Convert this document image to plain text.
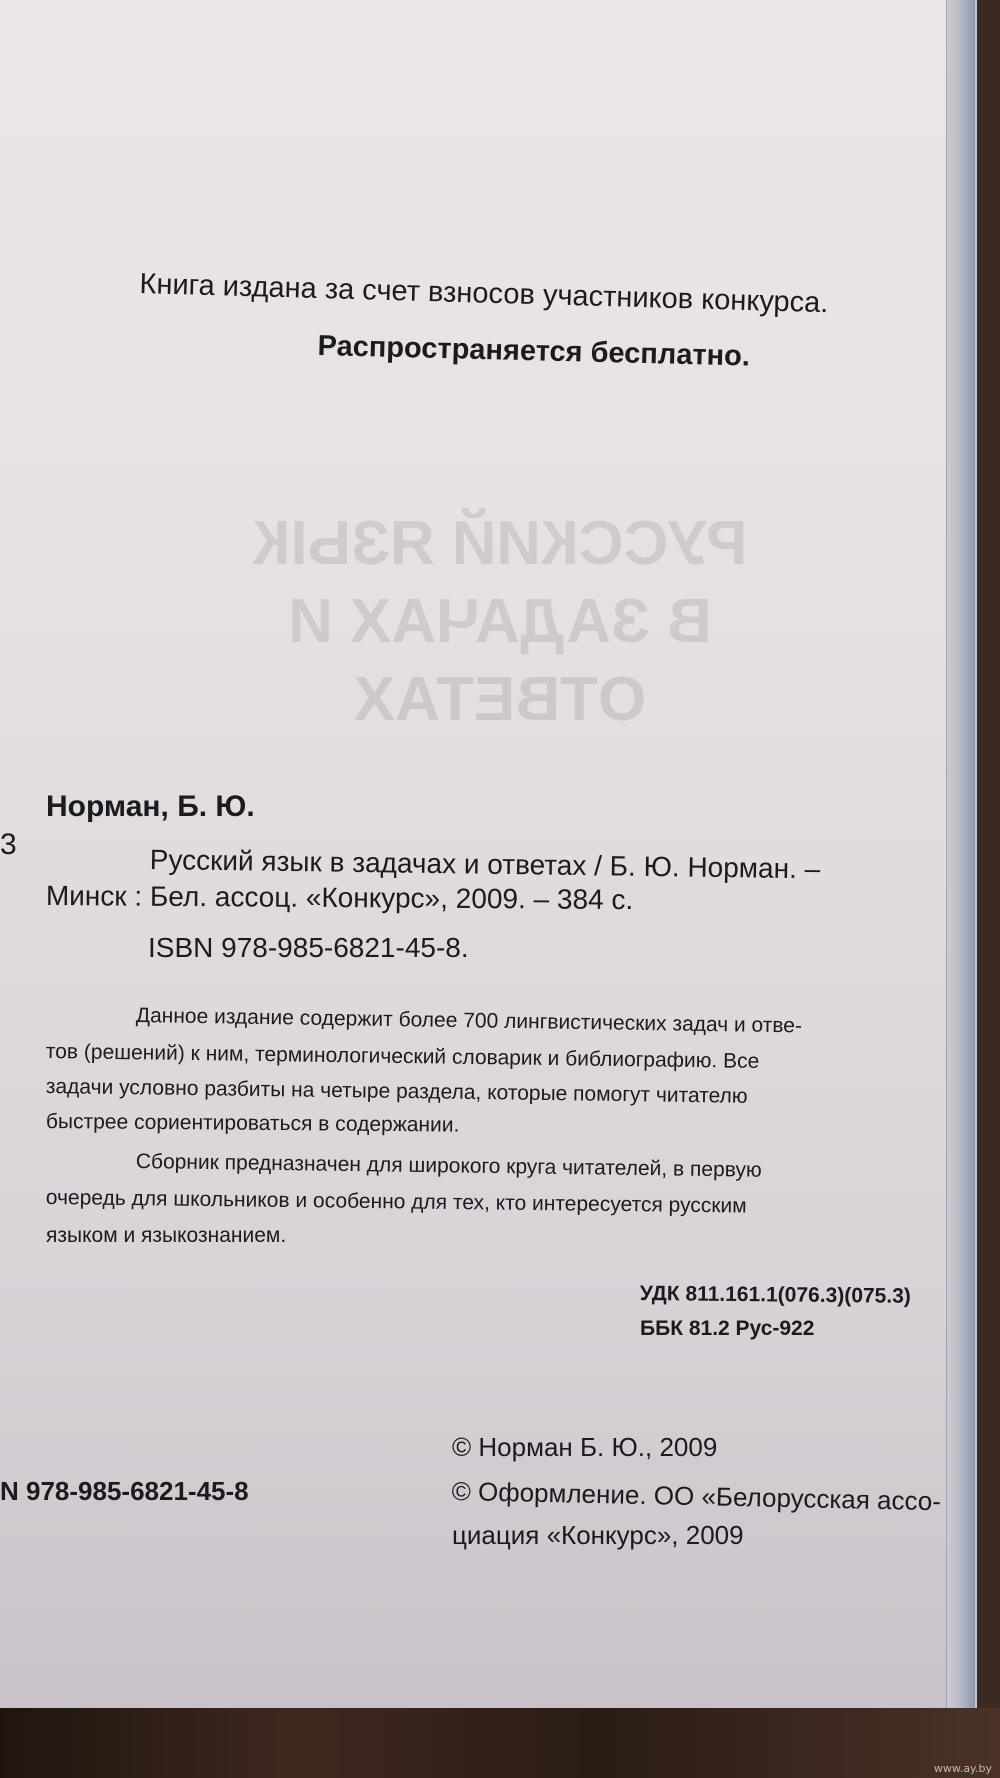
РУССКИЙ ЯЗЫК
В ЗАДАЧАХ И ОТВЕТАХ
Книга издана за счет взносов участников конкурса.
Распространяется бесплатно.
Норман, Б. Ю.
3	Русский язык в задачах и ответах / Б. Ю. Норман. –
Минск : Бел. ассоц. «Конкурс», 2009. – 384 с.
ISBN 978-985-6821-45-8.
Данное издание содержит более 700 лингвистических задач и отве-
тов (решений) к ним, терминологический словарик и библиографию. Все
задачи условно разбиты на четыре раздела, которые помогут читателю
быстрее сориентироваться в содержании.
Сборник предназначен для широкого круга читателей, в первую
очередь для школьников и особенно для тех, кто интересуется русским
языком и языкознанием.
УДК 811.161.1(076.3)(075.3)
ББК 81.2 Рус-922
N 978-985-6821-45-8
© Норман Б. Ю., 2009
© Оформление. ОО «Белорусская ассо-
циация «Конкурс», 2009
www.ay.by
